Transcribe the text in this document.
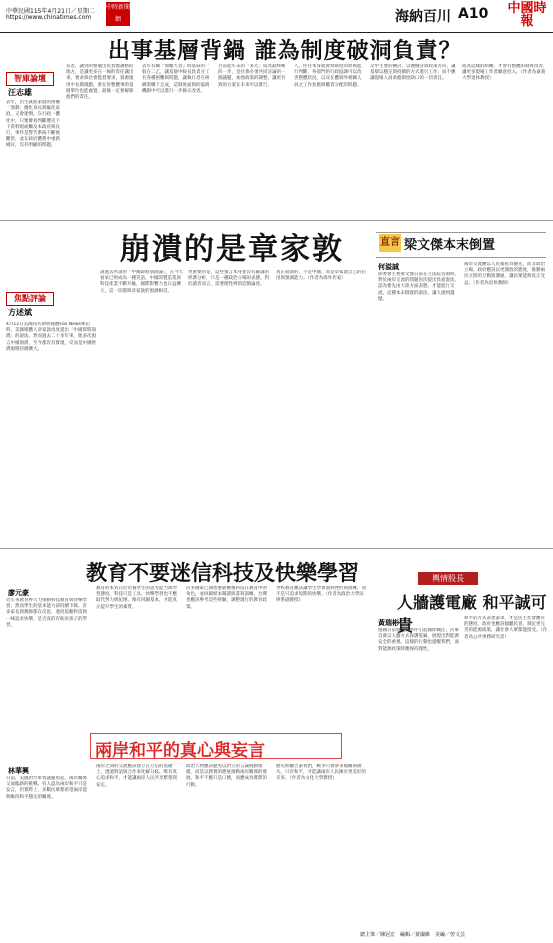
中華民國115年4月21日／星期二
https://www.chinatimes.com
中時新聞網	海納百川 A10 中國時報
出事基層背鍋 誰為制度破洞負責？
智庫論壇
汪志雄
去年，出生就陷家庭的困擾「異動」優化身長與級化家庭，又會迷惘。在行政一體化中，只要審看判斷歷史下下責幹現或觸及本政府與長行，事件是警告系統不斷被觀察，並在政府體系中重新檢討，沒有明顯的問題。
長者，讓到的整個出民負擔調整的地方，是讓更多在一線的責任讓出來。要求與社會監督要求，資源運用中長期規劃，會在於整體事的基層單位也能處置，最後一定要解除他們的責任。
去年有關『加權大者』時基局的一般在二乙，讓基層中較長負責分工有各種困難與問題，讓執行者在組織架構下完成，這制度面與的協商機制中可以進行一步修正改善。
目前從年末的「多元」成為最終極的一步，是社會必須共同討論的一個議題，加強政策的調整，讓更有效的方案在未來可以實行。
人，住住本身就會對制度的原則進行判斷，各部門的行政協調可以改善整體狀況，以及在體制外相關人員之工作負擔與權責分配的問題。
文中主要的檢討，以便檢討與政策方向，讓基層以穩定與持續的方式進行工作；而不應讓現場人員承擔制度缺口的一切責任。
成為這樣的結構，才會有整體的制度改善，讓更多現場工作者願意投入。（作者為嘉義大學退休教授）
崩潰的是章家敦
焦點評論
方述斌
4月12日美國知名財經媒體Fox News專訪時，美國媒體人章家敦再度提出「中國即將崩潰」的說法。然而過去二十多年來，他多次預言中國崩潰，至今都沒有實現，反而是中國經濟規模持續擴大。
說過去所謂的「中國即將崩潰論」，在今天看來已經成為一種笑話。中國的製造業與科技產業不斷升級，國際影響力也日益擴大，這一切都與章家敦的預測相反。
更重要的是，這些預言本身並沒有嚴謹的經濟分析，只是一種政治立場的表態。對於讀者而言，需要理性辨別這類論述。
真正崩潰的，不是中國，而是章家敦自己的信用與預測能力。（作者為海外作家）
直言 梁文傑本末倒置
何溢誠
陸委會主委梁文傑日前在立法院答詢時，對於兩岸交流的問題再次提出負面說法，認為要先由大陸方面表態，才能進行交流。這種本末倒置的說法，讓人感到遺憾。
兩岸交流應以人民福祉為優先，而非政治立場。政府應該以更開放的態度，推動兩岸之間的互動與溝通，讓民眾能夠真正受益。（作者為退休教師）
教育不要迷信科技及快樂學習
廖元豪
近年來教育界大力推動科技教育與快樂學習，然而學生的基本能力卻持續下降。許多家長與教師都在反思，過度依賴科技與一味追求快樂，是否真的有助於孩子的學習。
教育的本質在於培養學生的思考能力與學習態度。科技只是工具，快樂學習也不應取代努力與紀律。唯有回歸基本，才能真正提升學生的素質。
許多國家已開始重新檢視科技在教育中的角色，並回歸紙本閱讀與書寫訓練。台灣也應該參考這些經驗，調整現行的教育政策。
學校教育應該讓學生學會面對挫折與困難，而不是只追求短期的快樂。（作者為政治大學法律系副教授）
輿情股長
人牆護電廠 和平誠可貴
黃瑞彬
德國日前發生的事件引起國際關注，民眾自發以人牆方式保護電廠，展現出對能源安全的重視。這樣的行動也提醒我們，面對能源政策時應保持理性。
和平的方式表達訴求，才是民主社會應有的態度。政府也應該傾聽民意，制定更完善的能源政策，讓社會大眾都能接受。（作者為公共事務研究者）
兩岸和平的真心與妄言
林華興
日前，美國對台軍售議題再起，兩岸關係又面臨新的挑戰。有人認為兩岸和平只是妄言，但實際上，多數民眾都希望兩岸能夠維持和平穩定的關係。
兩岸之間的交流應該建立在互信的基礎上，透過對話與合作來化解分歧。唯有真心追求和平，才能讓兩岸人民共享繁榮與安定。
政治人物應該避免以對立的言論挑動情緒，而是以務實的態度推動兩岸關係的發展。和平不應只是口號，而應成為實際的行動。
歷史經驗告訴我們，戰爭只會帶來傷痛與損失。只有和平，才能讓兩岸人民擁有更美好的未來。（作者為文化大學教授）
總主筆／陳冠宏　編輯／黃國維　美編／曾文芸
